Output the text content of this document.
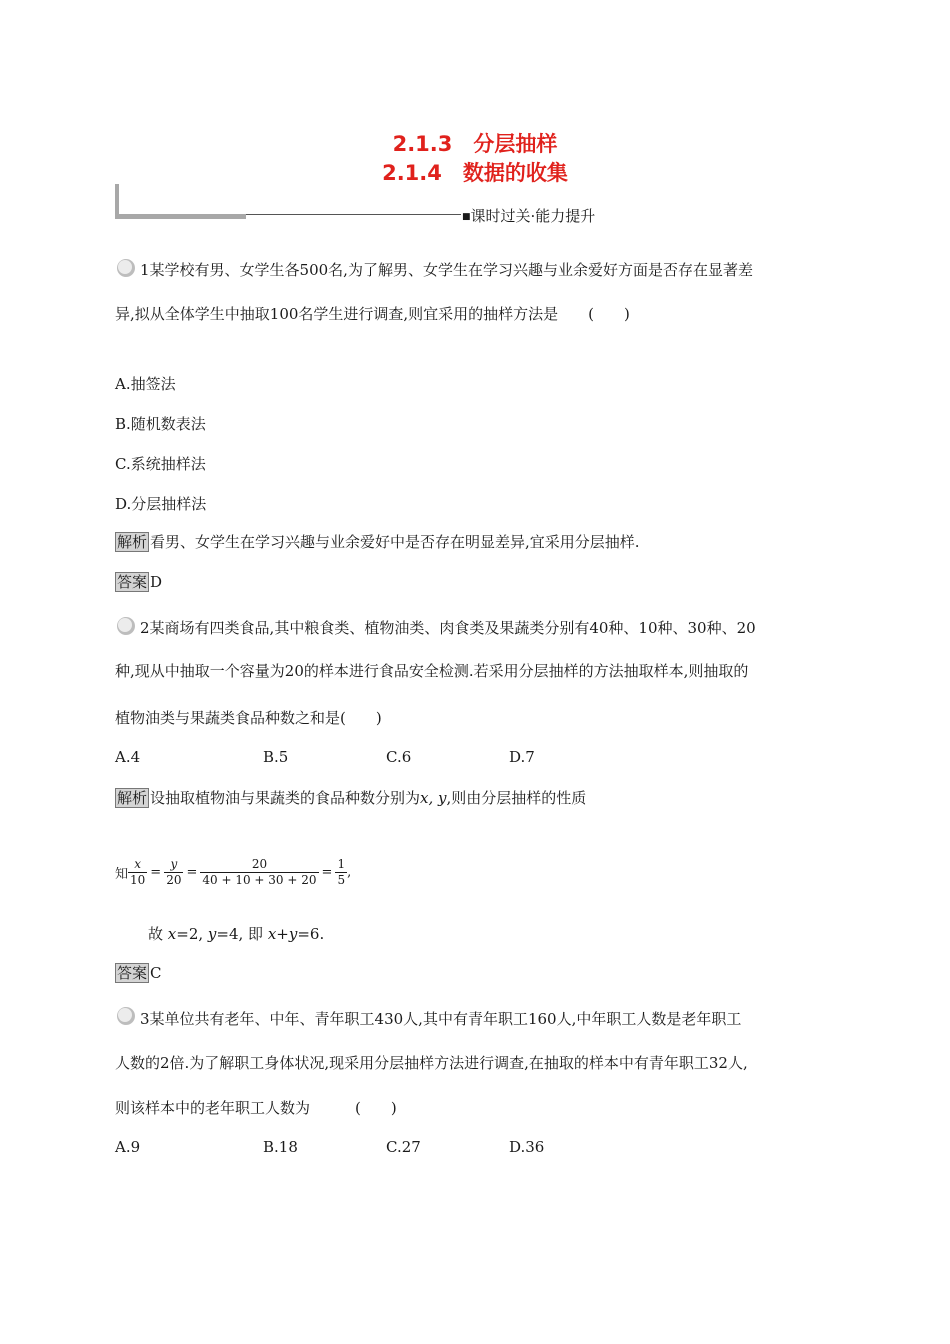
2.1.3　分层抽样
2.1.4　数据的收集
■课时过关·能力提升
1某学校有男、女学生各500名,为了解男、女学生在学习兴趣与业余爱好方面是否存在显著差
异,拟从全体学生中抽取100名学生进行调查,则宜采用的抽样方法是　　(　　)
A.抽签法
B.随机数表法
C.系统抽样法
D.分层抽样法
解析 看男、女学生在学习兴趣与业余爱好中是否存在明显差异,宜采用分层抽样.
答案 D
2某商场有四类食品,其中粮食类、植物油类、肉食类及果蔬类分别有40种、10种、30种、20
种,现从中抽取一个容量为20的样本进行食品安全检测.若采用分层抽样的方法抽取样本,则抽取的
植物油类与果蔬类食品种数之和是(　　)
A.4	B.5	C.6	D.7
解析 设抽取植物油与果蔬类的食品种数分别为x, y,则由分层抽样的性质
知 $\frac{x}{10} = \frac{y}{20} = \frac{20}{40 + 10 + 30 + 20} = \frac{1}{5}$ ,
故 x=2, y=4, 即 x+y=6.
答案 C
3某单位共有老年、中年、青年职工430人,其中有青年职工160人,中年职工人数是老年职工
人数的2倍.为了解职工身体状况,现采用分层抽样方法进行调查,在抽取的样本中有青年职工32人,
则该样本中的老年职工人数为　　　(　　)
A.9	B.18	C.27	D.36
